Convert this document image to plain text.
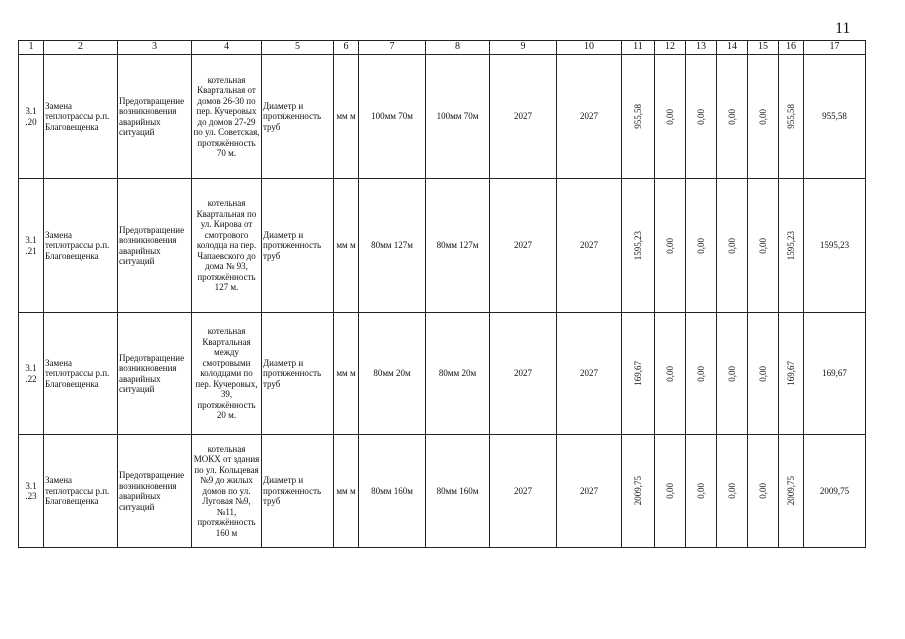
11
1	2	3	4	5	6	7	8	9	10	11	12	13	14	15	16	17
3.1 .20	Замена теплотрассы р.п. Благовещенка	Предотвращение возникновения аварийных ситуаций	котельная Квартальная от домов 26-30 по пер. Кучеровых до домов 27-29 по ул. Советская, протяжённость 70 м.	Диаметр и протяженность труб	мм м	100мм 70м	100мм 70м	2027	2027	955,58	0,00	0,00	0,00	0,00	955,58	955,58
3.1 .21	Замена теплотрассы р.п. Благовещенка	Предотвращение возникновения аварийных ситуаций	котельная Квартальная по ул. Кирова от смотрового колодца на пер. Чапаевского до дома № 93, протяжённость 127 м.	Диаметр и протяженность труб	мм м	80мм 127м	80мм 127м	2027	2027	1595,23	0,00	0,00	0,00	0,00	1595,23	1595,23
3.1 .22	Замена теплотрассы р.п. Благовещенка	Предотвращение возникновения аварийных ситуаций	котельная Квартальная между смотровыми колодцами по пер. Кучеровых, 39, протяжённость 20 м.	Диаметр и протяженность труб	мм м	80мм 20м	80мм 20м	2027	2027	169,67	0,00	0,00	0,00	0,00	169,67	169,67
3.1 .23	Замена теплотрассы р.п. Благовещенка	Предотвращение возникновения аварийных ситуаций	котельная МОКХ от здания по ул. Кольцевая №9 до жилых домов по ул. Луговая №9, №11, протяжённость 160 м	Диаметр и протяженность труб	мм м	80мм 160м	80мм 160м	2027	2027	2009,75	0,00	0,00	0,00	0,00	2009,75	2009,75
